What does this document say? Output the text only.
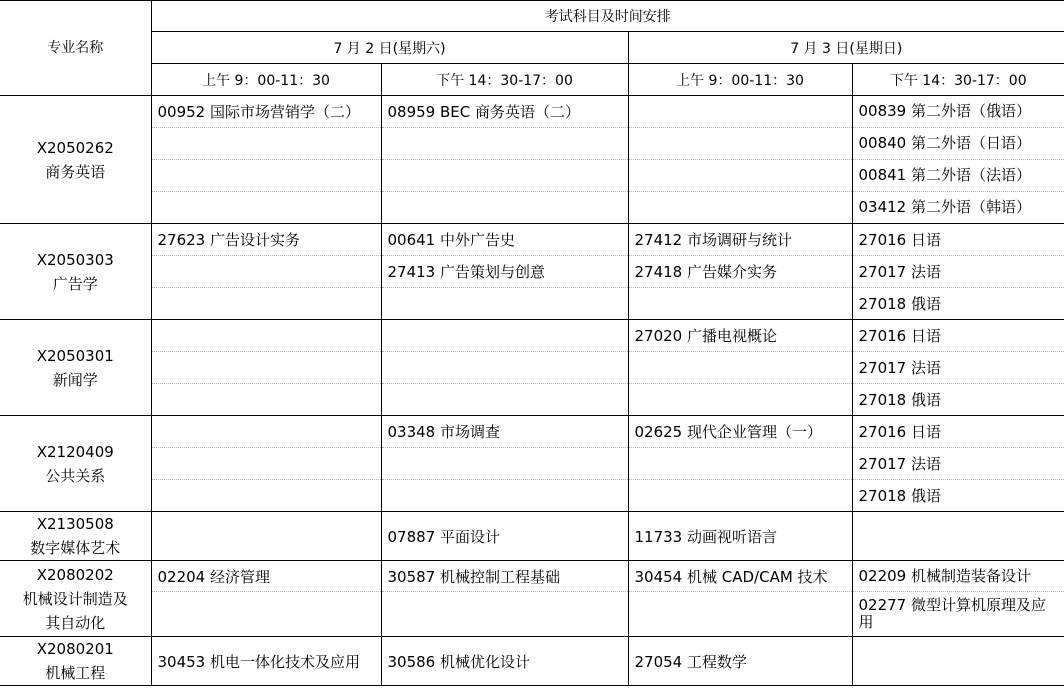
专业名称	考试科目及时间安排			
	7 月 2 日(星期六)		7 月 3 日(星期日)	
	上午 9：00-11：30	下午 14：30-17：00	上午 9：00-11：30	下午 14：30-17：00

X2050262
商务英语	00952 国际市场营销学（二）	08959 BEC 商务英语（二）		00839 第二外语（俄语）
				00840 第二外语（日语）
				00841 第二外语（法语）
				03412 第二外语（韩语）

X2050303
广告学	27623 广告设计实务	00641 中外广告史	27412 市场调研与统计	27016 日语
		27413 广告策划与创意	27418 广告媒介实务	27017 法语
				27018 俄语

X2050301
新闻学			27020 广播电视概论	27016 日语
				27017 法语
				27018 俄语

X2120409
公共关系		03348 市场调查	02625 现代企业管理（一）	27016 日语
				27017 法语
				27018 俄语

X2130508
数字媒体艺术		07887 平面设计	11733 动画视听语言	

X2080202
机械设计制造及
其自动化	02204 经济管理	30587 机械控制工程基础	30454 机械 CAD/CAM 技术	02209 机械制造装备设计
				02277 微型计算机原理及应用

X2080201
机械工程	30453 机电一体化技术及应用	30586 机械优化设计	27054 工程数学	
